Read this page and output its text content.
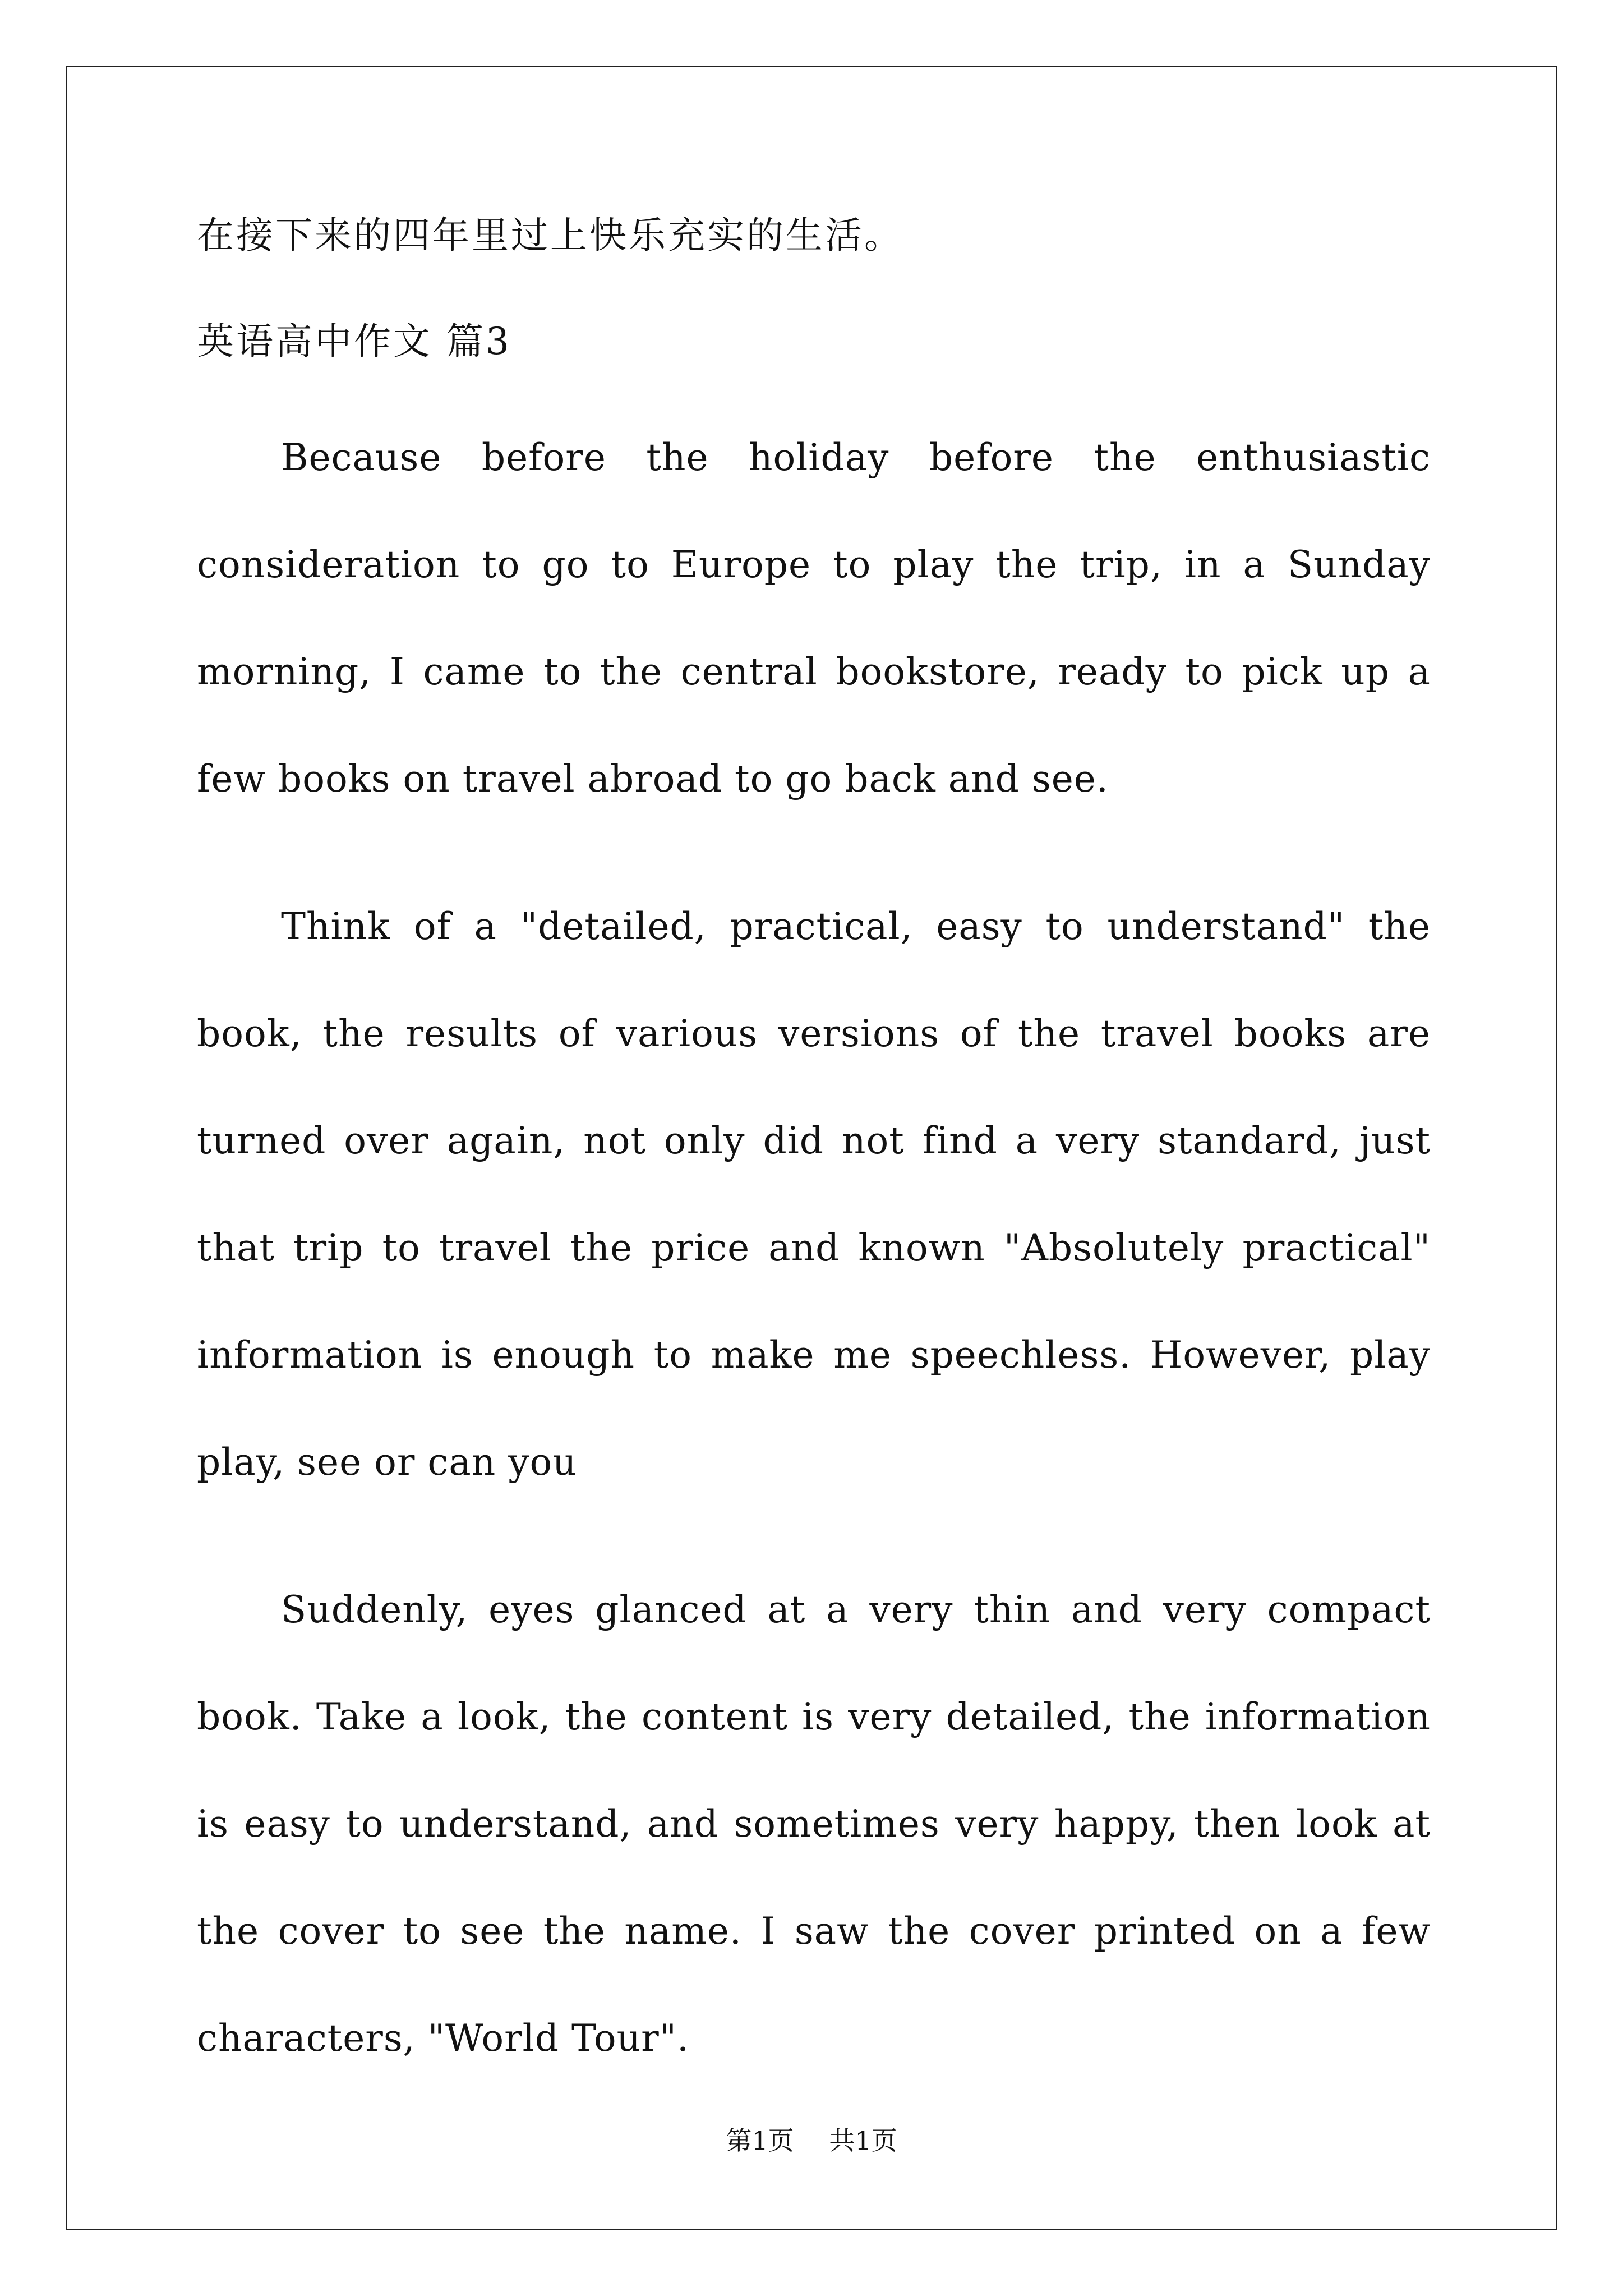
在接下来的四年里过上快乐充实的生活。

英语高中作文 篇3

Because before the holiday before the enthusiastic consideration to go to Europe to play the trip, in a Sunday morning, I came to the central bookstore, ready to pick up a few books on travel abroad to go back and see.

Think of a "detailed, practical, easy to understand" the book, the results of various versions of the travel books are turned over again, not only did not find a very standard, just that trip to travel the price and known "Absolutely practical" information is enough to make me speechless. However, play play, see or can you

Suddenly, eyes glanced at a very thin and very compact book. Take a look, the content is very detailed, the information is easy to understand, and sometimes very happy, then look at the cover to see the name. I saw the cover printed on a few characters, "World Tour".

第1页 共1页
